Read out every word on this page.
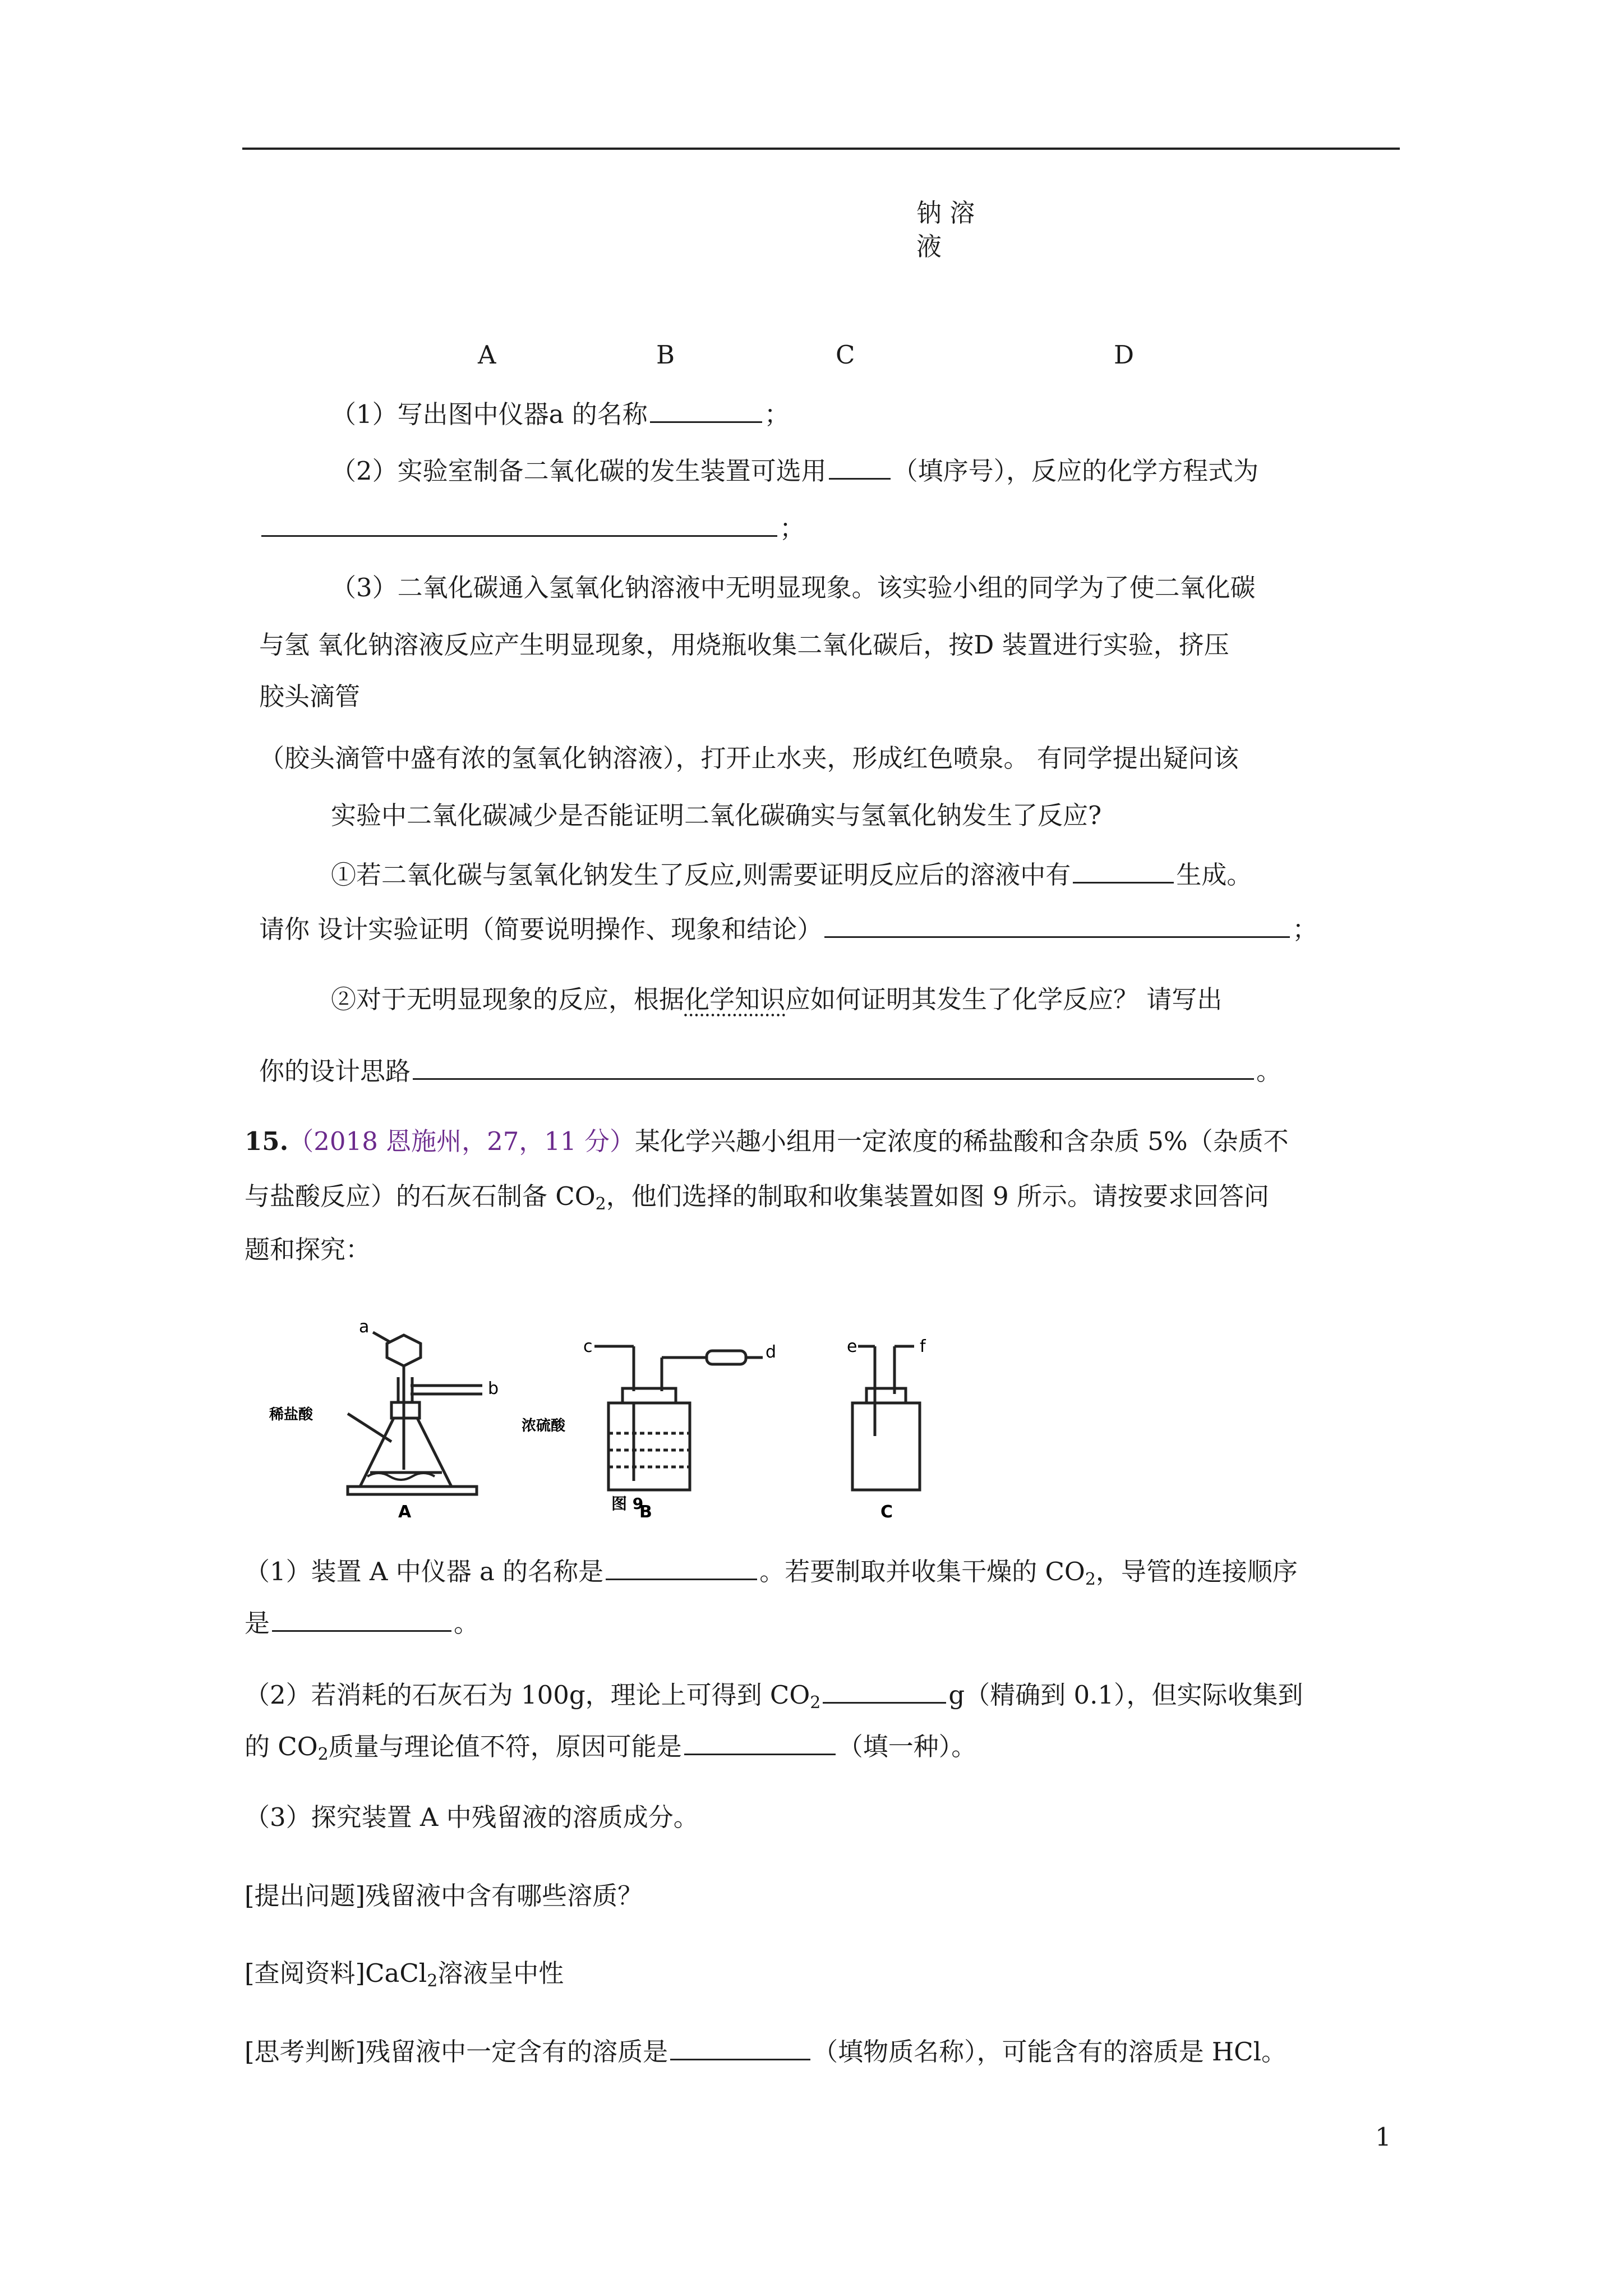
钠 溶
液
A	B	C	D
（1）写出图中仪器a 的名称	；
（2）实验室制备二氧化碳的发生装置可选用	（填序号），反应的化学方程式为
；
（3）二氧化碳通入氢氧化钠溶液中无明显现象。该实验小组的同学为了使二氧化碳
与氢 氧化钠溶液反应产生明显现象，用烧瓶收集二氧化碳后，按D 装置进行实验，挤压
胶头滴管
（胶头滴管中盛有浓的氢氧化钠溶液），打开止水夹，形成红色喷泉。 有同学提出疑问该
实验中二氧化碳减少是否能证明二氧化碳确实与氢氧化钠发生了反应?
①若二氧化碳与氢氧化钠发生了反应,则需要证明反应后的溶液中有	生成。
请你 设计实验证明（简要说明操作、现象和结论）	；
②对于无明显现象的反应，根据化学知识应如何证明其发生了化学反应？ 请写出
你的设计思路	。
15.（2018 恩施州，27，11 分）某化学兴趣小组用一定浓度的稀盐酸和含杂质 5%（杂质不
与盐酸反应）的石灰石制备 $CO_2$，他们选择的制取和收集装置如图 9 所示。请按要求回答问
题和探究：
a
b
稀盐酸
A
c	d
浓硫酸
B
图 9
e	f
C
（1）装置 A 中仪器 a 的名称是	。若要制取并收集干燥的 $CO_2$，导管的连接顺序
是	。
（2）若消耗的石灰石为 100g，理论上可得到 $CO_2$	g（精确到 0.1），但实际收集到
的 $CO_2$质量与理论值不符，原因可能是	（填一种）。
（3）探究装置 A 中残留液的溶质成分。
[提出问题]残留液中含有哪些溶质？
[查阅资料]CaCl$_2$溶液呈中性
[思考判断]残留液中一定含有的溶质是	（填物质名称），可能含有的溶质是 HCl。
1
